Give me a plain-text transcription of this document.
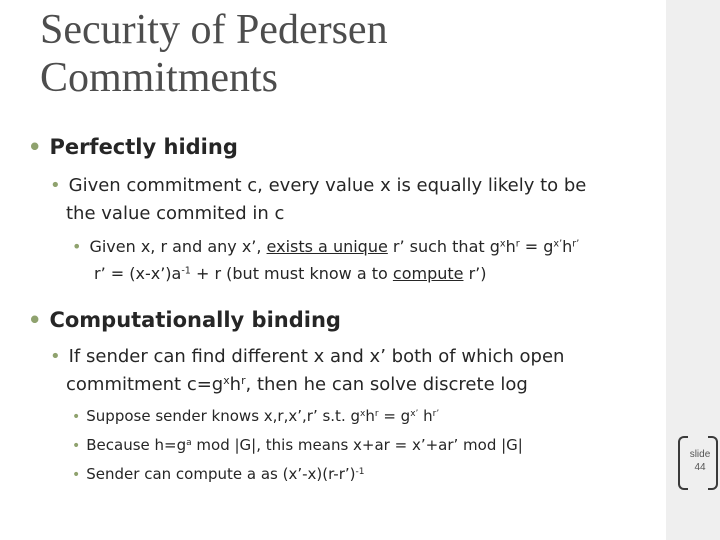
Security of Pedersen
Commitments
• Perfectly hiding
• Given commitment c, every value x is equally likely to be
the value commited in c
• Given x, r and any x’, exists a unique r’ such that $g^xh^r = g^{x’}h^{r’}$
r’ = $(x-x’)a^{-1} + r$ (but must know a to compute r’)
• Computationally binding
• If sender can find different x and x’ both of which open
commitment $c=g^xh^r$, then he can solve discrete log
• Suppose sender knows x,r,x’,r’ s.t. $g^xh^r = g^{x’}$ $h^{r’}$
• Because $h=g^a$ mod |G|, this means x+ar = x’+ar’ mod |G|
• Sender can compute a as (x’-x)(r-r’)$^{-1}$
slide
44
